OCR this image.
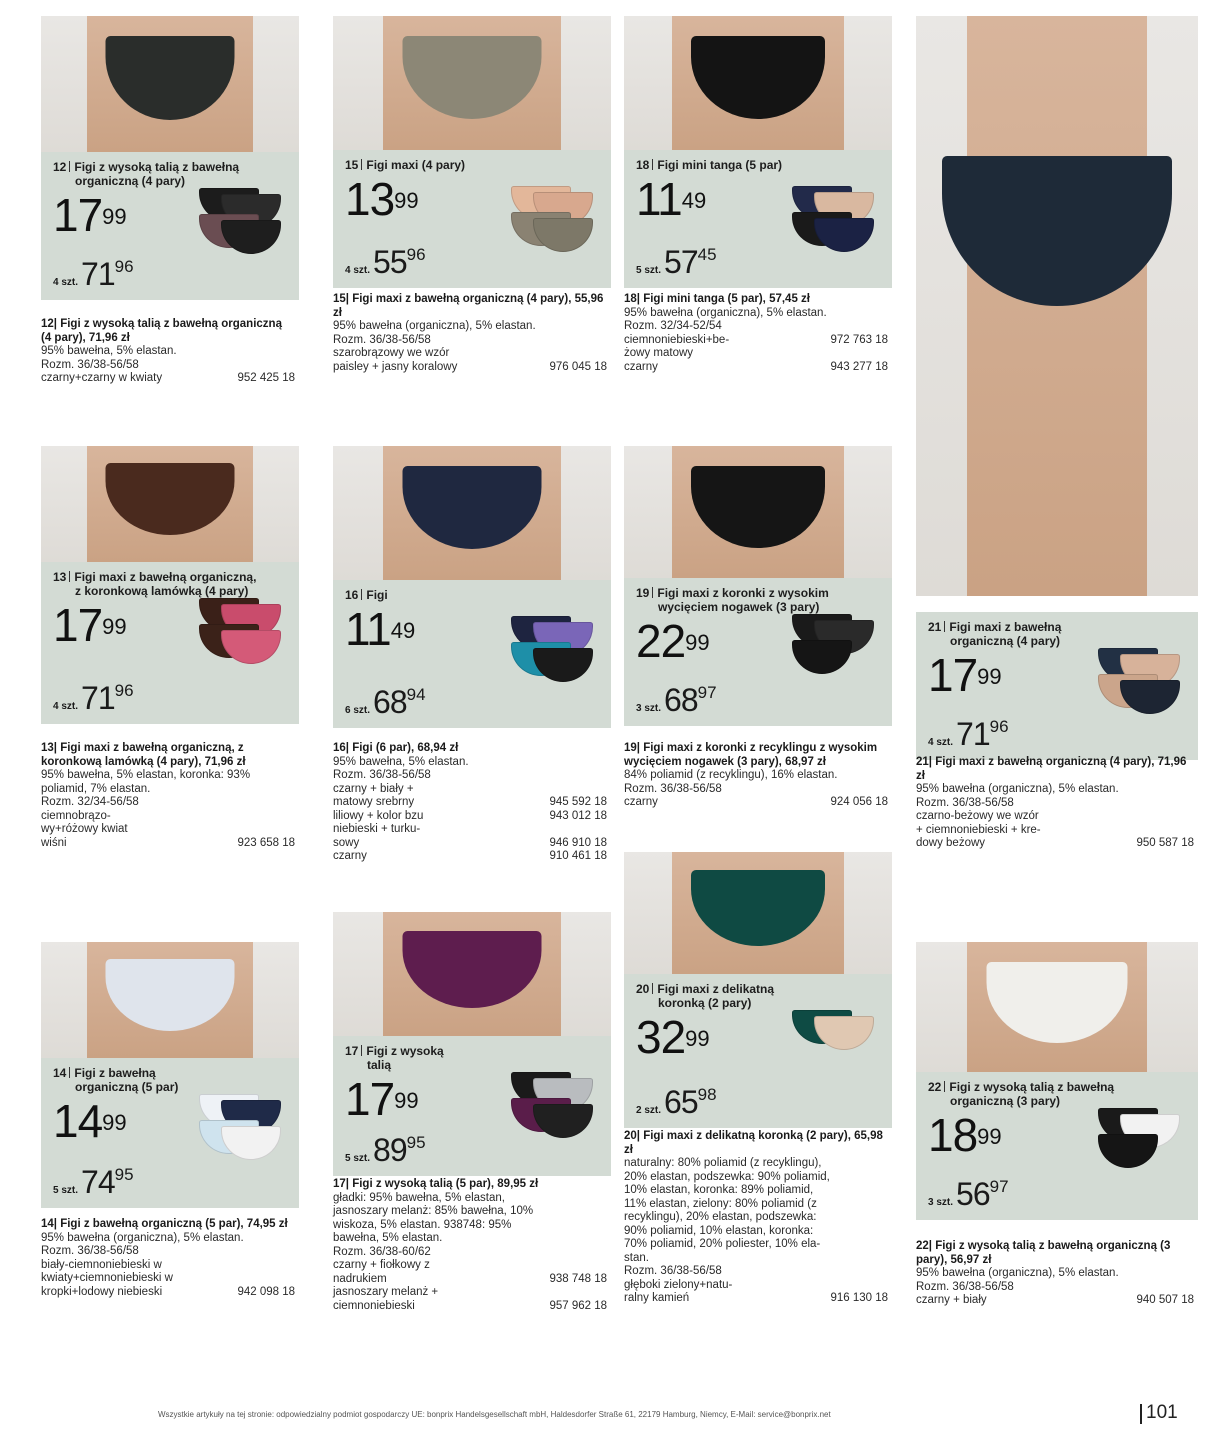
12 Figi z wysoką talią z bawełną
organiczną (4 pary)
$17^{99}$
4 $szt.71^{96}$
12| Figi z wysoką talią z bawełną organiczną (4 pary), 71,96 zł
95% bawełna, 5% elastan.
Rozm. 36/38-56/58
czarny+czarny w kwiaty	952 425 18
15 Figi maxi (4 pary)

$13^{99}$
4 $szt.55^{96}$
15| Figi maxi z bawełną organiczną (4 pary), 55,96 zł
95% bawełna (organiczna), 5% elastan.
Rozm. 36/38-56/58
szarobrązowy we wzór
paisley + jasny koralowy	976 045 18
18 Figi mini tanga (5 par)

$11^{49}$
5 $szt.57^{45}$
18| Figi mini tanga (5 par), 57,45 zł
95% bawełna (organiczna), 5% elastan.
Rozm. 32/34-52/54
ciemnoniebieski+be-	972 763 18
żowy matowy
czarny	943 277 18
13 Figi maxi z bawełną organiczną,
z koronkową lamówką (4 pary)
$17^{99}$
4 $szt.71^{96}$
13| Figi maxi z bawełną organiczną, z koronkową lamówką (4 pary), 71,96 zł
95% bawełna, 5% elastan, koronka: 93%
poliamid, 7% elastan.
Rozm. 32/34-56/58
ciemnobrązo-
wy+różowy kwiat
wiśni	923 658 18
16 Figi

$11^{49}$
6 $szt.68^{94}$
16| Figi (6 par), 68,94 zł
95% bawełna, 5% elastan.
Rozm. 36/38-56/58
czarny + biały +
matowy srebrny	945 592 18
liliowy + kolor bzu	943 012 18
niebieski + turku-
sowy	946 910 18
czarny	910 461 18
19 Figi maxi z koronki z wysokim
wycięciem nogawek (3 pary)
$22^{99}$
3 $szt.68^{97}$
19| Figi maxi z koronki z recyklingu z wysokim wycięciem nogawek (3 pary), 68,97 zł
84% poliamid (z recyklingu), 16% elastan.
Rozm. 36/38-56/58
czarny	924 056 18
21 Figi maxi z bawełną
organiczną (4 pary)
$17^{99}$
4 $szt.71^{96}$
21| Figi maxi z bawełną organiczną (4 pary), 71,96 zł
95% bawełna (organiczna), 5% elastan.
Rozm. 36/38-56/58
czarno-beżowy we wzór
+ ciemnoniebieski + kre-
dowy beżowy	950 587 18
14 Figi z bawełną
organiczną (5 par)
$14^{99}$
5 $szt.74^{95}$
14| Figi z bawełną organiczną (5 par), 74,95 zł
95% bawełna (organiczna), 5% elastan.
Rozm. 36/38-56/58
biały-ciemnoniebieski w
kwiaty+ciemnoniebieski w
kropki+lodowy niebieski	942 098 18
17 Figi z wysoką
talią
$17^{99}$
5 $szt.89^{95}$
17| Figi z wysoką talią (5 par), 89,95 zł
gładki: 95% bawełna, 5% elastan,
jasnoszary melanż: 85% bawełna, 10%
wiskoza, 5% elastan. 938748: 95%
bawełna, 5% elastan.
Rozm. 36/38-60/62
czarny + fiołkowy z
nadrukiem	938 748 18
jasnoszary melanż +
ciemnoniebieski	957 962 18
20 Figi maxi z delikatną
koronką (2 pary)
$32^{99}$
2 $szt.65^{98}$
20| Figi maxi z delikatną koronką (2 pary), 65,98 zł
naturalny: 80% poliamid (z recyklingu),
20% elastan, podszewka: 90% poliamid,
10% elastan, koronka: 89% poliamid,
11% elastan, zielony: 80% poliamid (z
recyklingu), 20% elastan, podszewka:
90% poliamid, 10% elastan, koronka:
70% poliamid, 20% poliester, 10% ela-
stan.
Rozm. 36/38-56/58
głęboki zielony+natu-
ralny kamień	916 130 18
22 Figi z wysoką talią z bawełną
organiczną (3 pary)
$18^{99}$
3 $szt.56^{97}$
22| Figi z wysoką talią z bawełną organiczną (3 pary), 56,97 zł
95% bawełna (organiczna), 5% elastan.
Rozm. 36/38-56/58
czarny + biały	940 507 18
Wszystkie artykuły na tej stronie: odpowiedzialny podmiot gospodarczy UE: bonprix Handelsgesellschaft mbH, Haldesdorfer Straße 61, 22179 Hamburg, Niemcy, E-Mail: service@bonprix.net	101
